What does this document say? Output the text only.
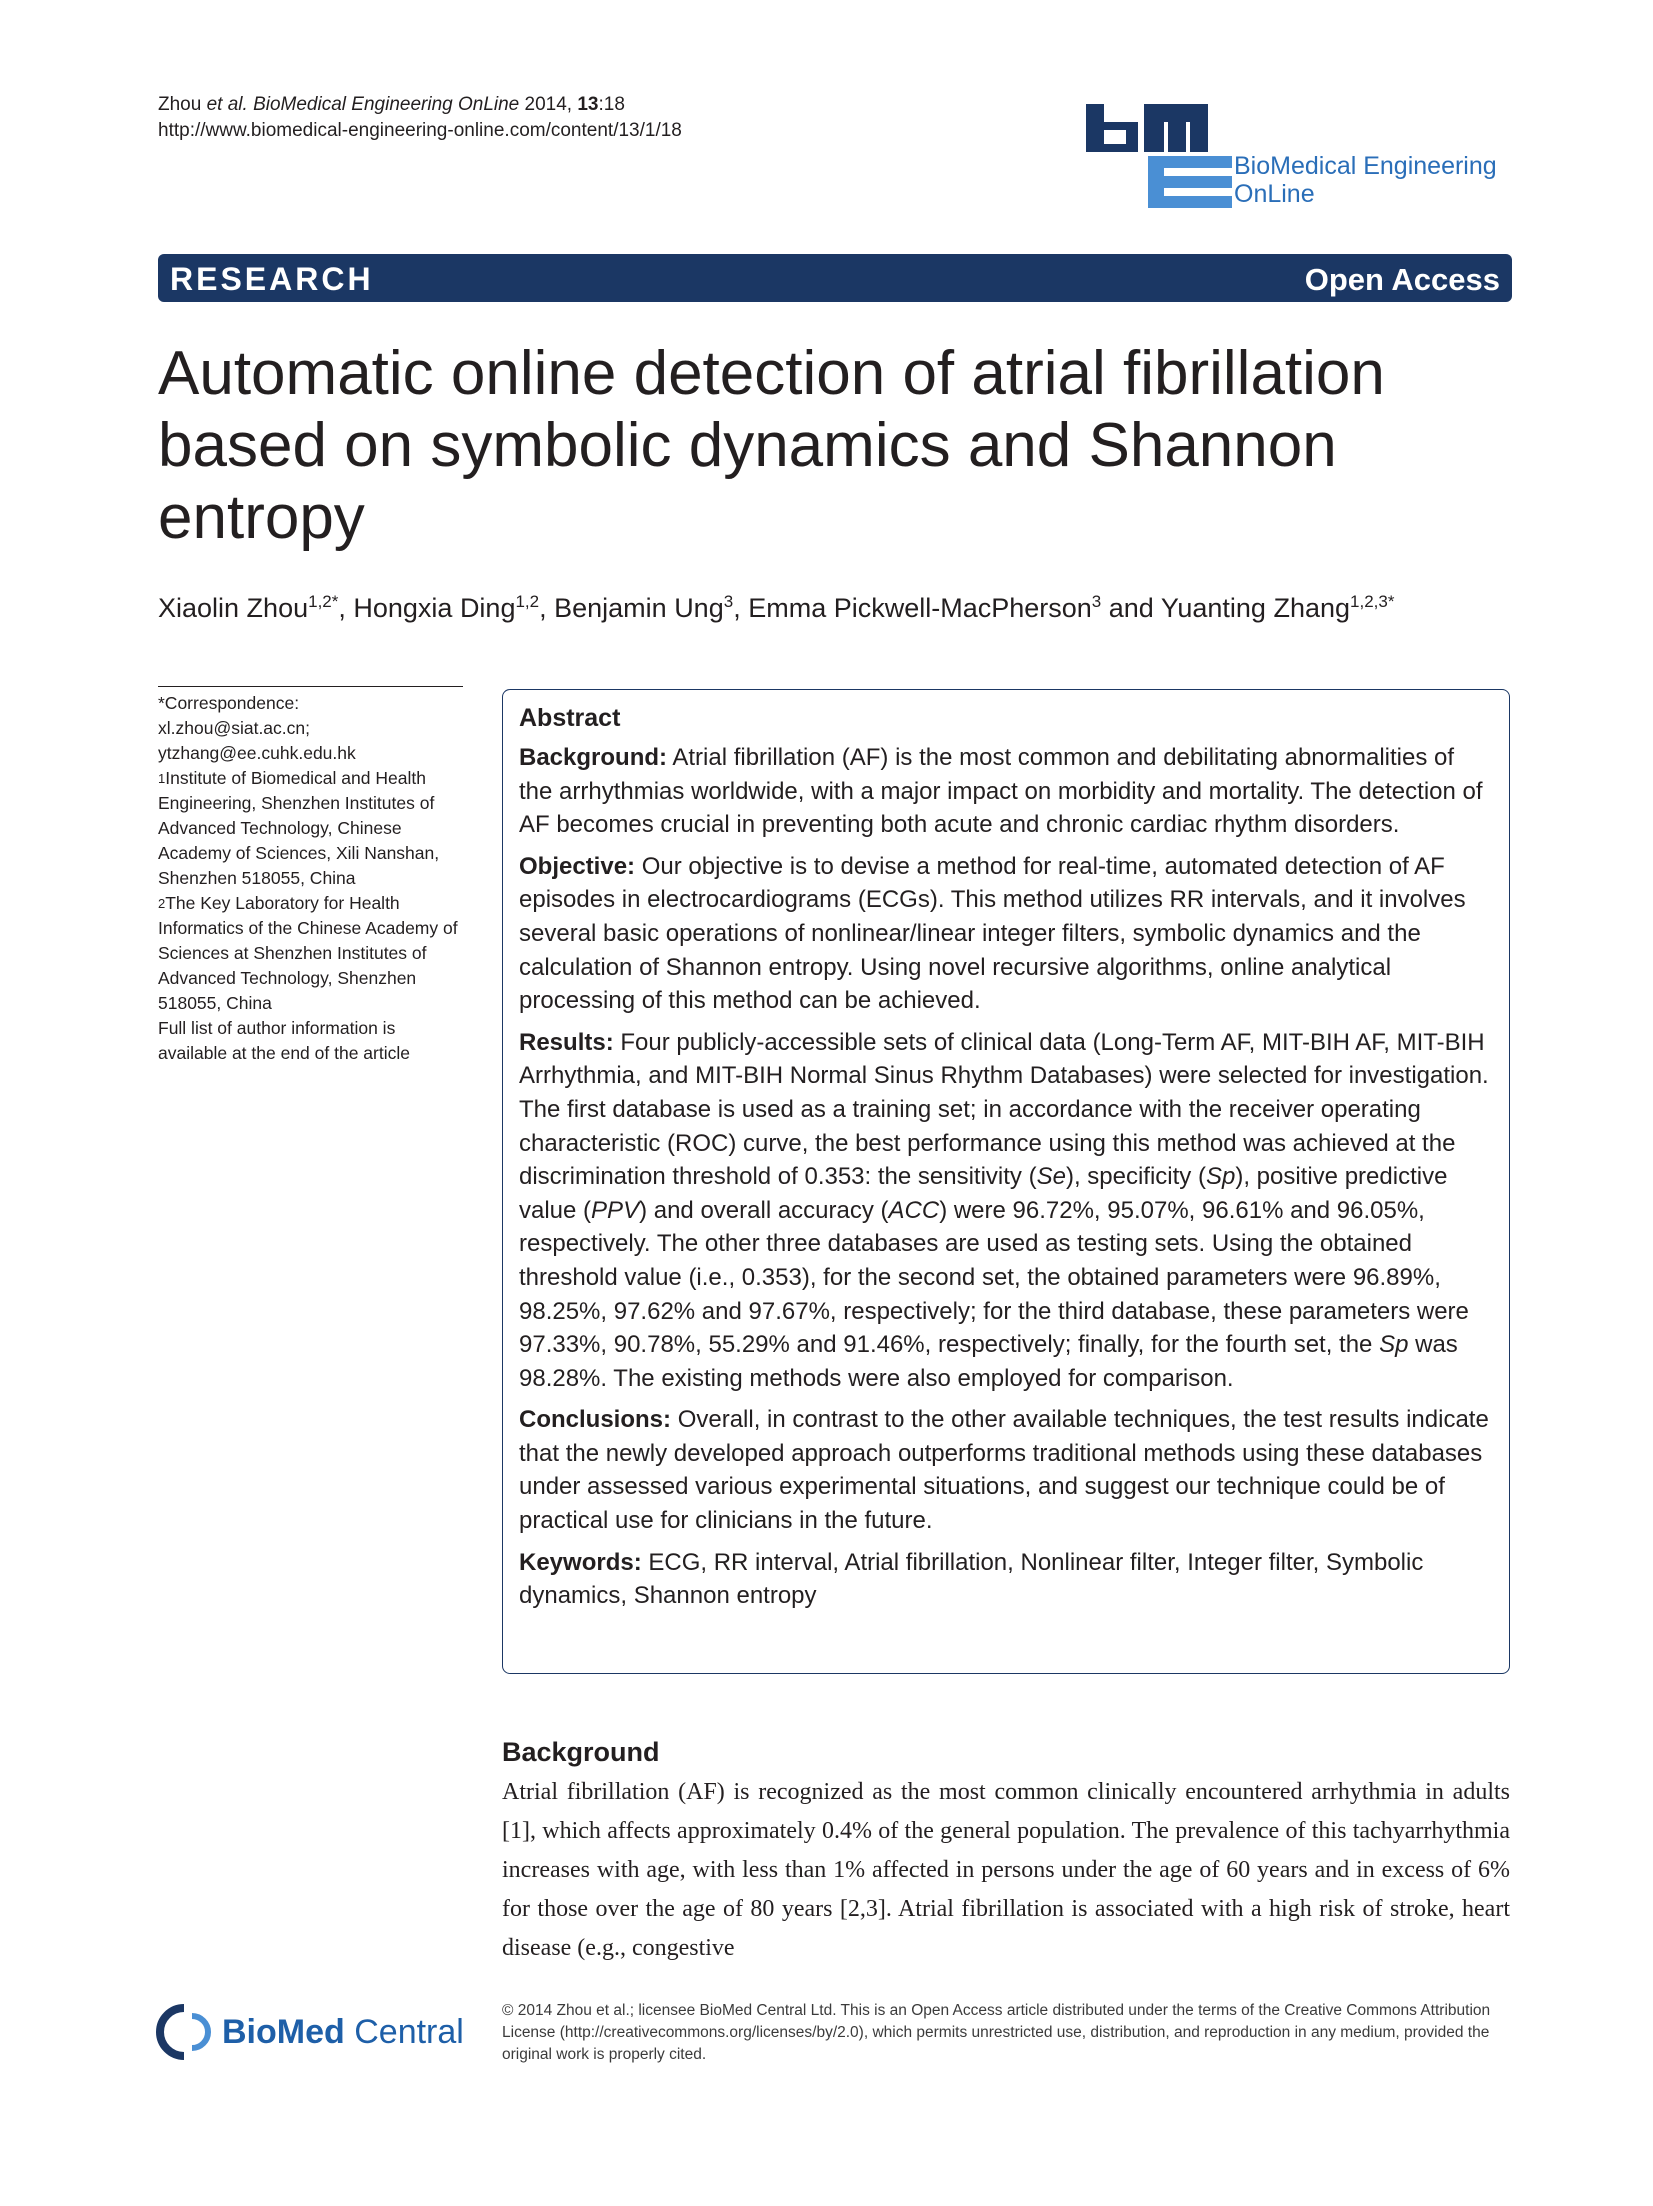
Zhou et al. BioMedical Engineering OnLine 2014, 13:18
http://www.biomedical-engineering-online.com/content/13/1/18
BioMedical Engineering
OnLine
RESEARCH	Open Access
Automatic online detection of atrial fibrillation based on symbolic dynamics and Shannon entropy
Xiaolin Zhou$^{1,2*}$, Hongxia Ding$^{1,2}$, Benjamin Ung$^3$, Emma Pickwell-MacPherson$^3$ and Yuanting Zhang$^{1,2,3*}$
*Correspondence:
xl.zhou@siat.ac.cn;
ytzhang@ee.cuhk.edu.hk
$^1$Institute of Biomedical and Health Engineering, Shenzhen Institutes of Advanced Technology, Chinese Academy of Sciences, Xili Nanshan, Shenzhen 518055, China
$^2$The Key Laboratory for Health Informatics of the Chinese Academy of Sciences at Shenzhen Institutes of Advanced Technology, Shenzhen 518055, China
Full list of author information is available at the end of the article
Abstract

Background: Atrial fibrillation (AF) is the most common and debilitating abnormalities of the arrhythmias worldwide, with a major impact on morbidity and mortality. The detection of AF becomes crucial in preventing both acute and chronic cardiac rhythm disorders.

Objective: Our objective is to devise a method for real-time, automated detection of AF episodes in electrocardiograms (ECGs). This method utilizes RR intervals, and it involves several basic operations of nonlinear/linear integer filters, symbolic dynamics and the calculation of Shannon entropy. Using novel recursive algorithms, online analytical processing of this method can be achieved.

Results: Four publicly-accessible sets of clinical data (Long-Term AF, MIT-BIH AF, MIT-BIH Arrhythmia, and MIT-BIH Normal Sinus Rhythm Databases) were selected for investigation. The first database is used as a training set; in accordance with the receiver operating characteristic (ROC) curve, the best performance using this method was achieved at the discrimination threshold of 0.353: the sensitivity (Se), specificity (Sp), positive predictive value (PPV) and overall accuracy (ACC) were 96.72%, 95.07%, 96.61% and 96.05%, respectively. The other three databases are used as testing sets. Using the obtained threshold value (i.e., 0.353), for the second set, the obtained parameters were 96.89%, 98.25%, 97.62% and 97.67%, respectively; for the third database, these parameters were 97.33%, 90.78%, 55.29% and 91.46%, respectively; finally, for the fourth set, the Sp was 98.28%. The existing methods were also employed for comparison.

Conclusions: Overall, in contrast to the other available techniques, the test results indicate that the newly developed approach outperforms traditional methods using these databases under assessed various experimental situations, and suggest our technique could be of practical use for clinicians in the future.

Keywords: ECG, RR interval, Atrial fibrillation, Nonlinear filter, Integer filter, Symbolic dynamics, Shannon entropy

Background
Atrial fibrillation (AF) is recognized as the most common clinically encountered arrhythmia in adults [1], which affects approximately 0.4% of the general population. The prevalence of this tachyarrhythmia increases with age, with less than 1% affected in persons under the age of 60 years and in excess of 6% for those over the age of 80 years [2,3]. Atrial fibrillation is associated with a high risk of stroke, heart disease (e.g., congestive
BioMed Central
© 2014 Zhou et al.; licensee BioMed Central Ltd. This is an Open Access article distributed under the terms of the Creative Commons Attribution License (http://creativecommons.org/licenses/by/2.0), which permits unrestricted use, distribution, and reproduction in any medium, provided the original work is properly cited.
